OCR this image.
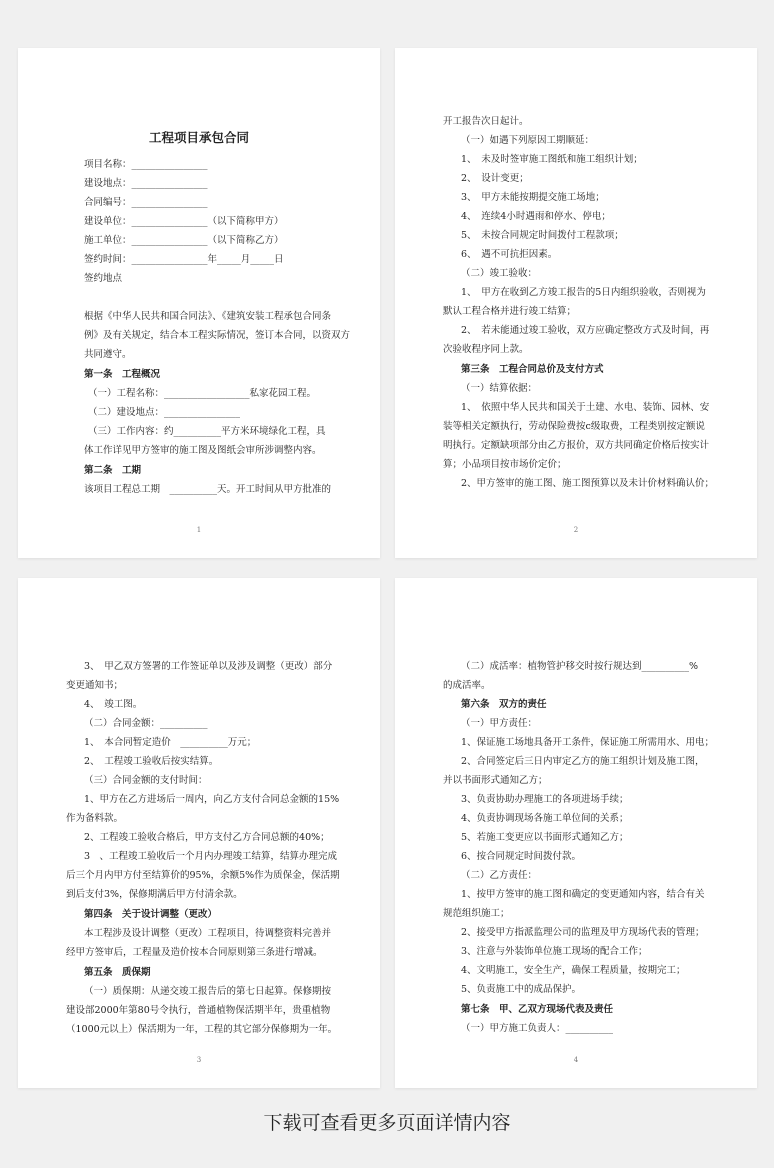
工程项目承包合同
1
项目名称：________________
建设地点：________________
合同编号：________________
建设单位：________________（以下简称甲方）
施工单位：________________（以下简称乙方）
签约时间：________________年_____月_____日
签约地点
根据《中华人民共和国合同法》、《建筑安装工程承包合同条
例》及有关规定，结合本工程实际情况，签订本合同，以资双方
共同遵守。
第一条　工程概况
（一）工程名称：__________________私家花园工程。
（二）建设地点：________________
（三）工作内容：约__________平方米环境绿化工程，具
体工作详见甲方签审的施工图及图纸会审所涉调整内容。
第二条　工期
该项目工程总工期　__________天。开工时间从甲方批准的
2
开工报告次日起计。
（一）如遇下列原因工期顺延：
1、　未及时签审施工图纸和施工组织计划；
2、　设计变更；
3、　甲方未能按期提交施工场地；
4、　连续4小时遇雨和停水、停电；
5、　未按合同规定时间拨付工程款项；
6、　遇不可抗拒因素。
（二）竣工验收：
1、　甲方在收到乙方竣工报告的5日内组织验收，否则视为
默认工程合格并进行竣工结算；
2、　若未能通过竣工验收，双方应确定整改方式及时间，再
次验收程序同上款。
第三条　工程合同总价及支付方式
（一）结算依据：
1、　依照中华人民共和国关于土建、水电、装饰、园林、安
装等相关定额执行，劳动保险费按c级取费，工程类别按定额说
明执行。定额缺项部分由乙方报价，双方共同确定价格后按实计
算；小品项目按市场价定价；
2、甲方签审的施工图、施工图预算以及未计价材料确认价；
3
3、　甲乙双方签署的工作签证单以及涉及调整（更改）部分
变更通知书；
4、　竣工图。
（二）合同金额：__________
1、　本合同暂定造价　__________万元；
2、　工程竣工验收后按实结算。
（三）合同金额的支付时间：
1、甲方在乙方进场后一周内，向乙方支付合同总金额的15%
作为备料款。
2、工程竣工验收合格后，甲方支付乙方合同总额的40%；
3　、工程竣工验收后一个月内办理竣工结算，结算办理完成
后三个月内甲方付至结算价的95%，余额5%作为质保金，保活期
到后支付3%，保修期满后甲方付清余款。
第四条　关于设计调整（更改）
本工程涉及设计调整（更改）工程项目，待调整资料完善并
经甲方签审后，工程量及造价按本合同原则第三条进行增减。
第五条　质保期
（一）质保期：从递交竣工报告后的第七日起算。保修期按
建设部2000年第80号令执行，普通植物保活期半年，贵重植物
（1000元以上）保活期为一年，工程的其它部分保修期为一年。
4
（二）成活率：植物管护移交时按行规达到__________%
的成活率。
第六条　双方的责任
（一）甲方责任：
1、保证施工场地具备开工条件，保证施工所需用水、用电；
2、合同签定后三日内审定乙方的施工组织计划及施工图，
并以书面形式通知乙方；
3、负责协助办理施工的各项进场手续；
4、负责协调现场各施工单位间的关系；
5、若施工变更应以书面形式通知乙方；
6、按合同规定时间拨付款。
（二）乙方责任：
1、按甲方签审的施工图和确定的变更通知内容，结合有关
规范组织施工；
2、接受甲方指派监理公司的监理及甲方现场代表的管理；
3、注意与外装饰单位施工现场的配合工作；
4、文明施工，安全生产，确保工程质量，按期完工；
5、负责施工中的成品保护。
第七条　甲、乙双方现场代表及责任
（一）甲方施工负责人：__________
下载可查看更多页面详情内容
